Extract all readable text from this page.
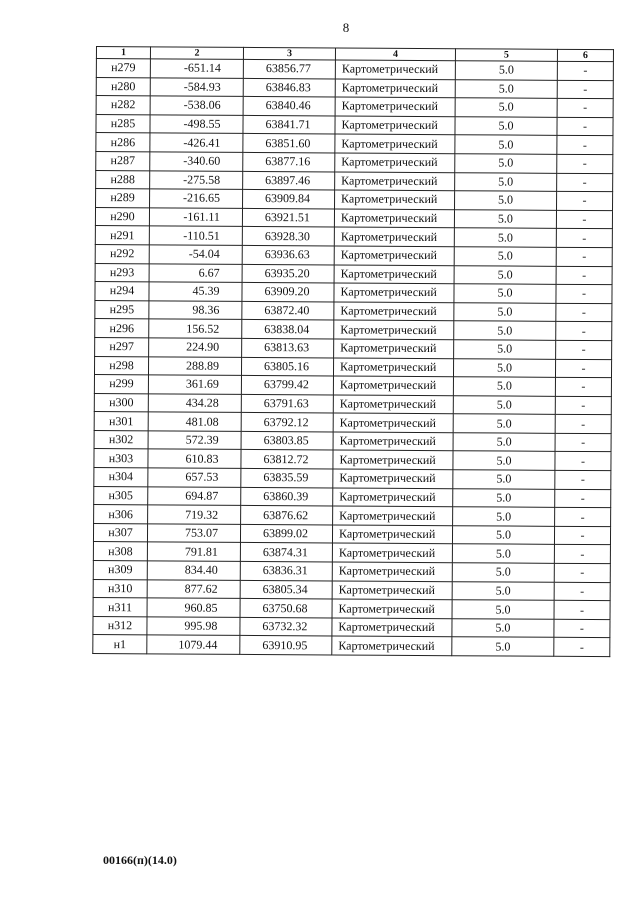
8
1	2	3	4	5	6
н279	-651.14	63856.77	Картометрический	5.0	-
н280	-584.93	63846.83	Картометрический	5.0	-
н282	-538.06	63840.46	Картометрический	5.0	-
н285	-498.55	63841.71	Картометрический	5.0	-
н286	-426.41	63851.60	Картометрический	5.0	-
н287	-340.60	63877.16	Картометрический	5.0	-
н288	-275.58	63897.46	Картометрический	5.0	-
н289	-216.65	63909.84	Картометрический	5.0	-
н290	-161.11	63921.51	Картометрический	5.0	-
н291	-110.51	63928.30	Картометрический	5.0	-
н292	-54.04	63936.63	Картометрический	5.0	-
н293	6.67	63935.20	Картометрический	5.0	-
н294	45.39	63909.20	Картометрический	5.0	-
н295	98.36	63872.40	Картометрический	5.0	-
н296	156.52	63838.04	Картометрический	5.0	-
н297	224.90	63813.63	Картометрический	5.0	-
н298	288.89	63805.16	Картометрический	5.0	-
н299	361.69	63799.42	Картометрический	5.0	-
н300	434.28	63791.63	Картометрический	5.0	-
н301	481.08	63792.12	Картометрический	5.0	-
н302	572.39	63803.85	Картометрический	5.0	-
н303	610.83	63812.72	Картометрический	5.0	-
н304	657.53	63835.59	Картометрический	5.0	-
н305	694.87	63860.39	Картометрический	5.0	-
н306	719.32	63876.62	Картометрический	5.0	-
н307	753.07	63899.02	Картометрический	5.0	-
н308	791.81	63874.31	Картометрический	5.0	-
н309	834.40	63836.31	Картометрический	5.0	-
н310	877.62	63805.34	Картометрический	5.0	-
н311	960.85	63750.68	Картометрический	5.0	-
н312	995.98	63732.32	Картометрический	5.0	-
н1	1079.44	63910.95	Картометрический	5.0	-
00166(п)(14.0)
